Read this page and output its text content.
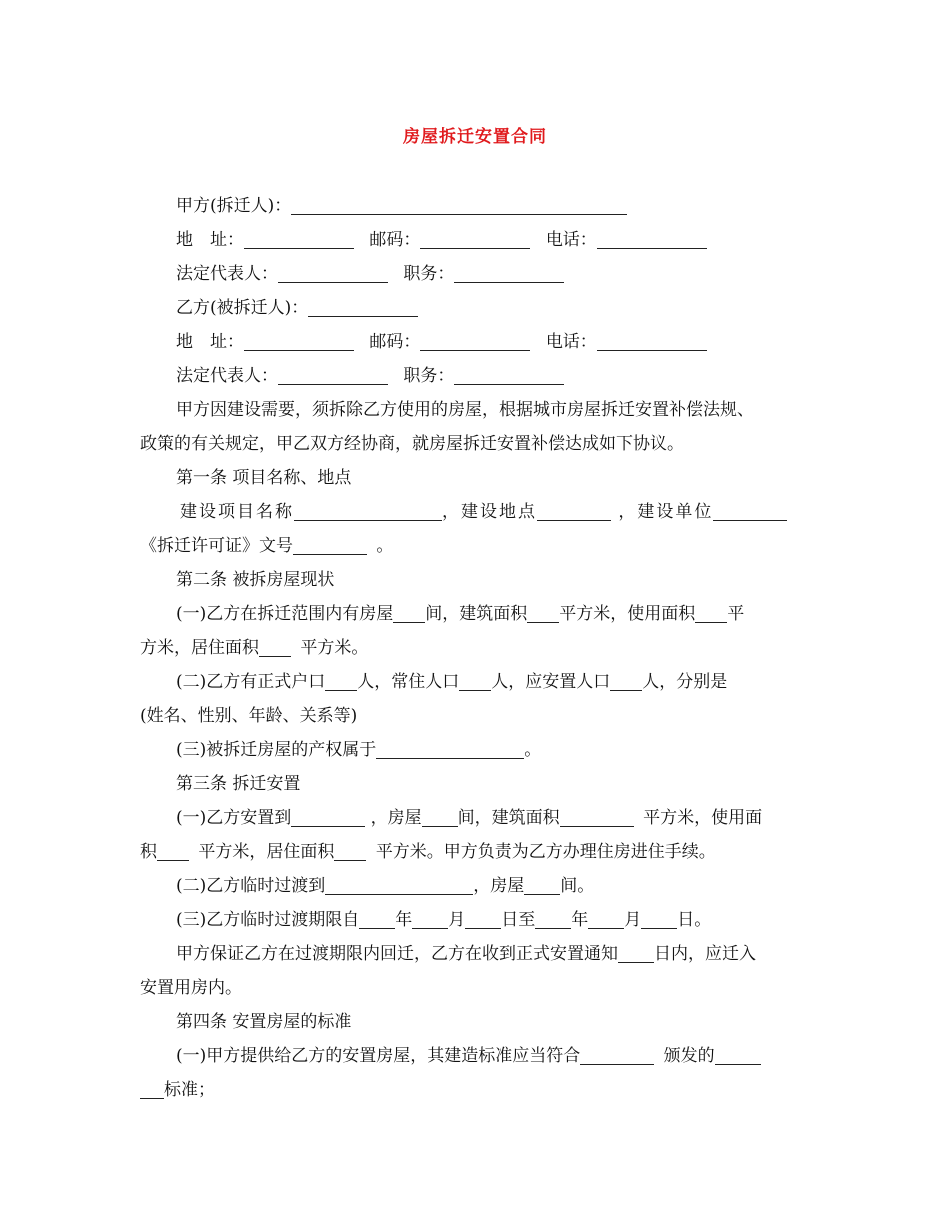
房屋拆迁安置合同
甲方(拆迁人)：
地　址：	邮码：	电话：
法定代表人：	职务：
乙方(被拆迁人)：
地　址：	邮码：	电话：
法定代表人：	职务：
甲方因建设需要，须拆除乙方使用的房屋，根据城市房屋拆迁安置补偿法规、
政策的有关规定，甲乙双方经协商，就房屋拆迁安置补偿达成如下协议。
第一条 项目名称、地点
建设项目名称	，建设地点	，建设单位
《拆迁许可证》文号	。
第二条 被拆房屋现状
(一)乙方在拆迁范围内有房屋 间，建筑面积 平方米，使用面积 平
方米，居住面积 平方米。
(二)乙方有正式户口 人，常住人口 人，应安置人口 人，分别是
(姓名、性别、年龄、关系等)
(三)被拆迁房屋的产权属于	。
第三条 拆迁安置
(一)乙方安置到	，房屋 间，建筑面积	平方米，使用面
积 平方米，居住面积 平方米。甲方负责为乙方办理住房进住手续。
(二)乙方临时过渡到	，房屋 间。
(三)乙方临时过渡期限自 年 月 日至 年 月 日。
甲方保证乙方在过渡期限内回迁，乙方在收到正式安置通知 日内，应迁入
安置用房内。
第四条 安置房屋的标准
(一)甲方提供给乙方的安置房屋，其建造标准应当符合	颁发的
标准；
